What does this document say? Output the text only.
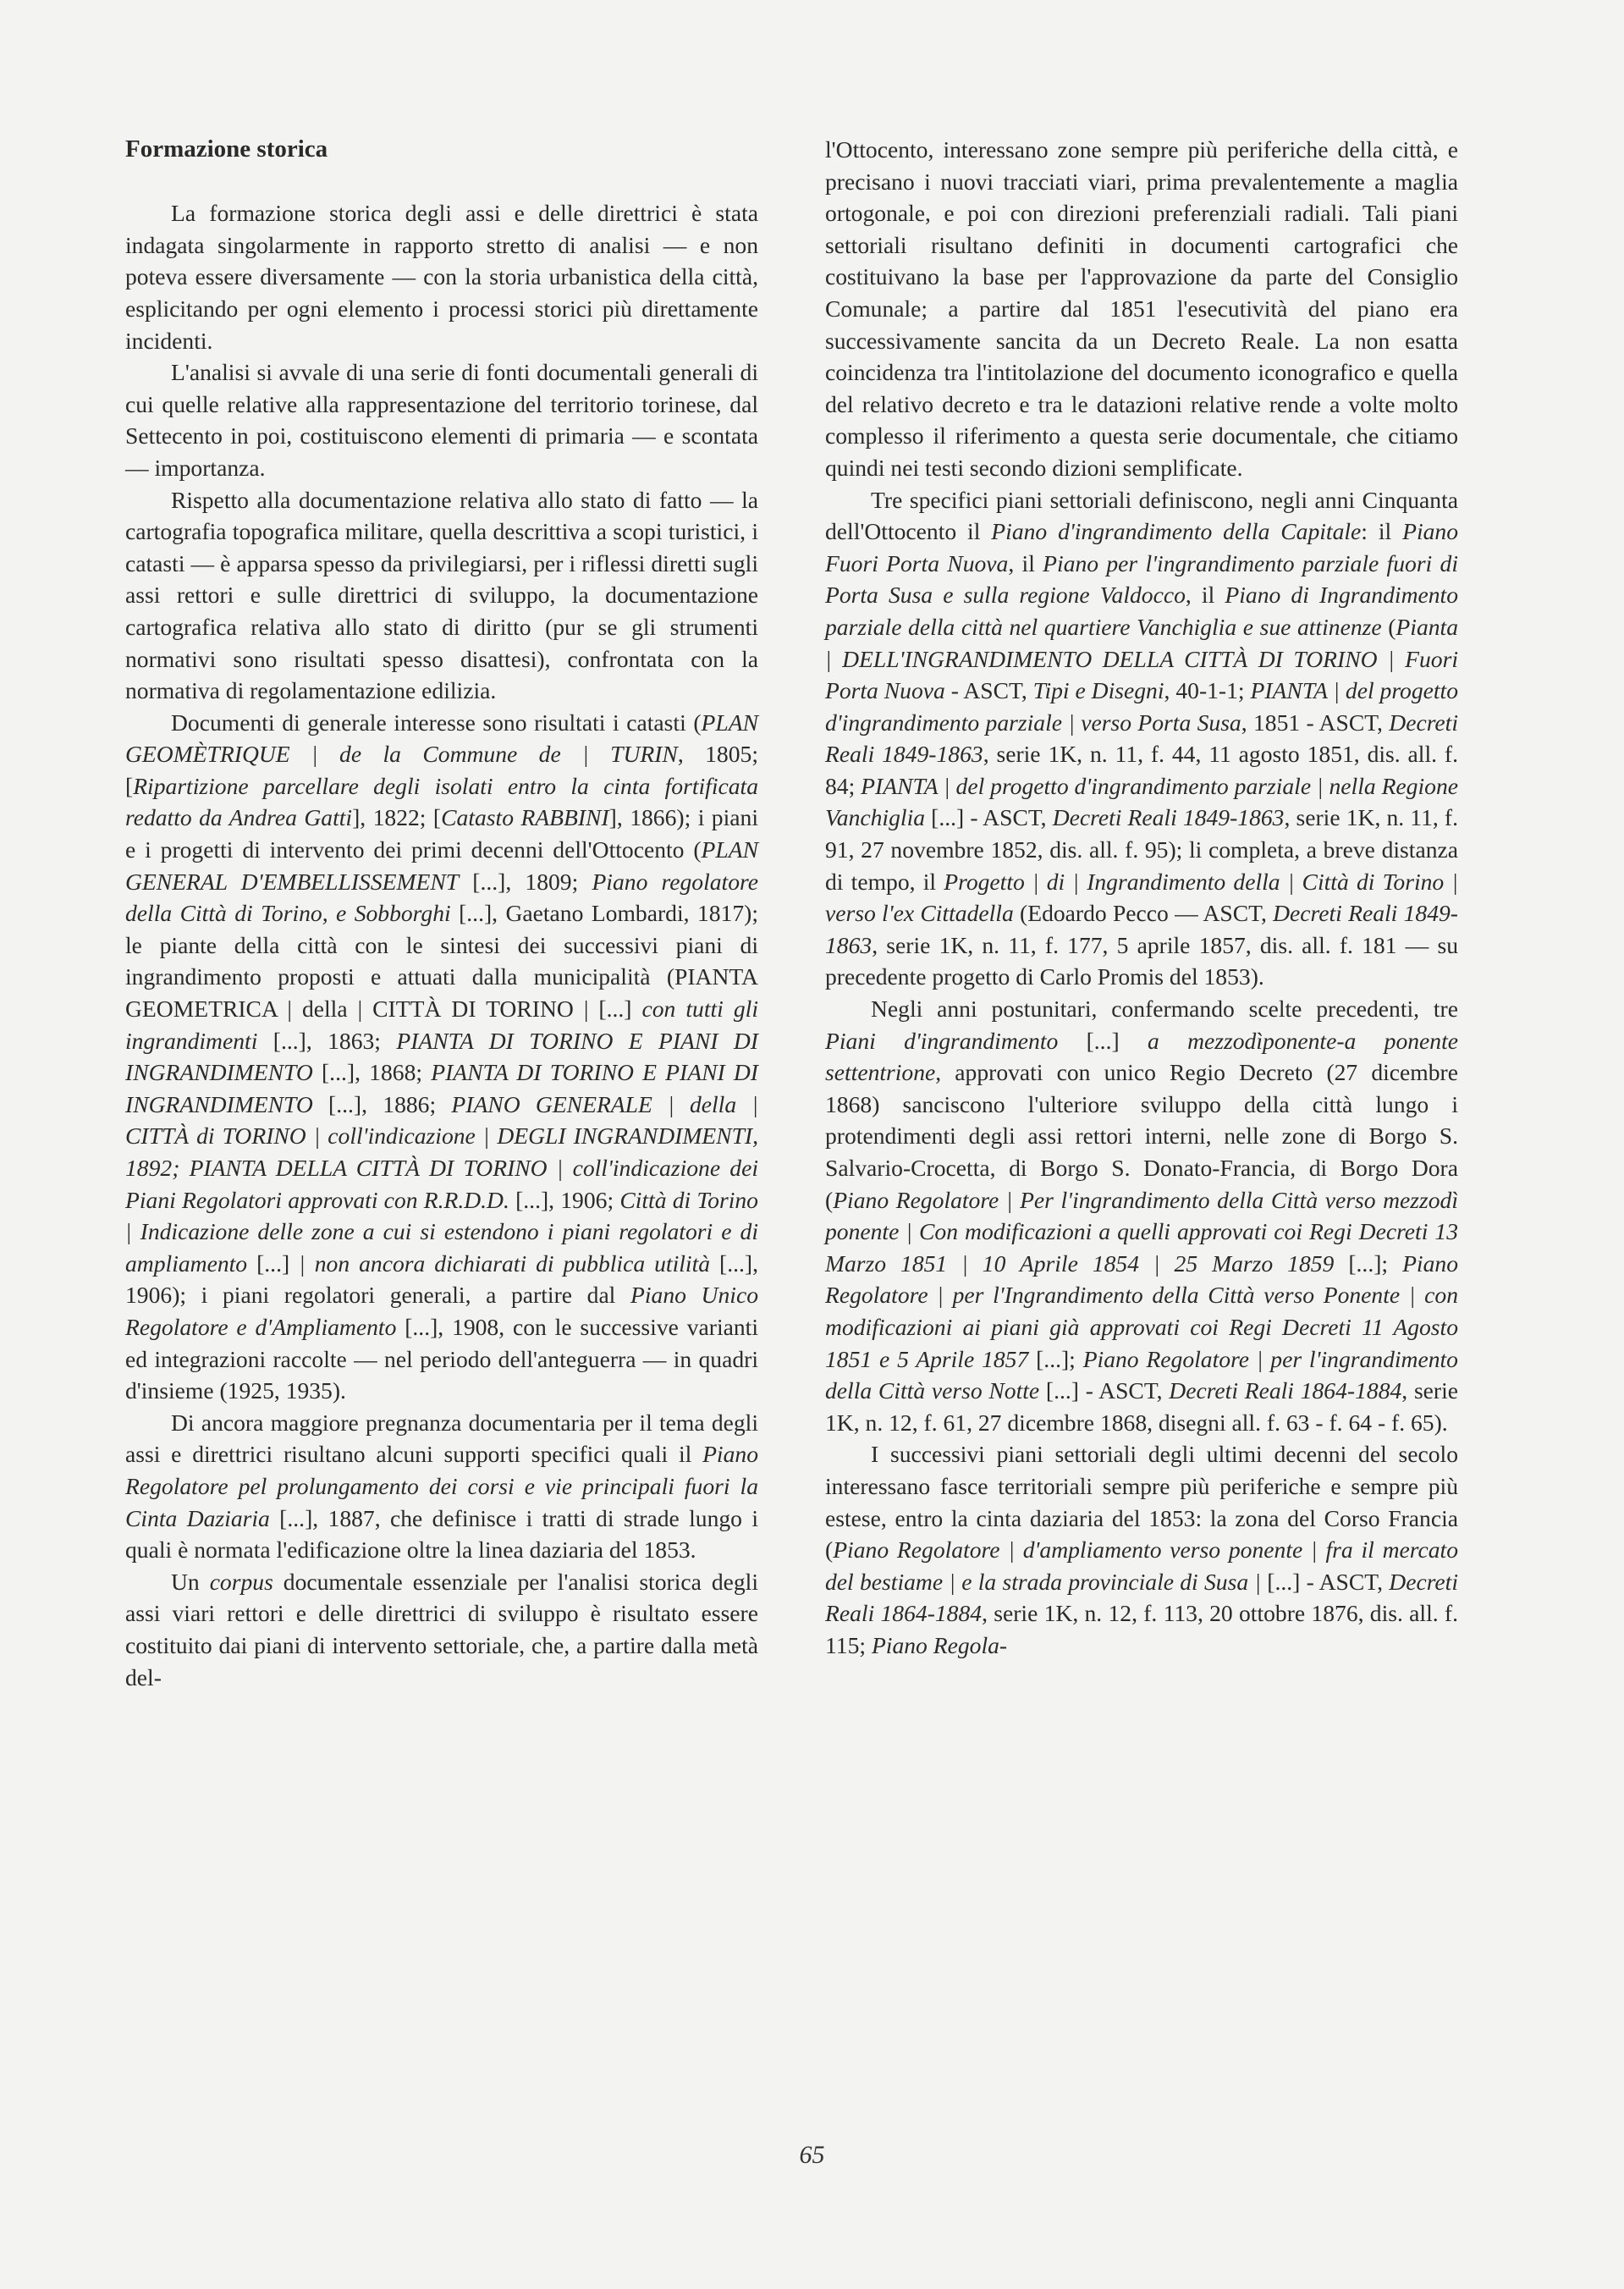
Formazione storica

La formazione storica degli assi e delle direttrici è stata indagata singolarmente in rapporto stretto di analisi — e non poteva essere diversamente — con la storia urbanistica della città, esplicitando per ogni elemento i processi storici più direttamente incidenti.

L'analisi si avvale di una serie di fonti documentali generali di cui quelle relative alla rappresentazione del territorio torinese, dal Settecento in poi, costituiscono elementi di primaria — e scontata — importanza.

Rispetto alla documentazione relativa allo stato di fatto — la cartografia topografica militare, quella descrittiva a scopi turistici, i catasti — è apparsa spesso da privilegiarsi, per i riflessi diretti sugli assi rettori e sulle direttrici di sviluppo, la documentazione cartografica relativa allo stato di diritto (pur se gli strumenti normativi sono risultati spesso disattesi), confrontata con la normativa di regolamentazione edilizia.

Documenti di generale interesse sono risultati i catasti (PLAN GEOMÈTRIQUE | de la Commune de | TURIN, 1805; [Ripartizione parcellare degli isolati entro la cinta fortificata redatto da Andrea Gatti], 1822; [Catasto RABBINI], 1866); i piani e i progetti di intervento dei primi decenni dell'Ottocento (PLAN GENERAL D'EMBELLISSEMENT [...], 1809; Piano regolatore della Città di Torino, e Sobborghi [...], Gaetano Lombardi, 1817); le piante della città con le sintesi dei successivi piani di ingrandimento proposti e attuati dalla municipalità (PIANTA GEOMETRICA | della | CITTÀ DI TORINO | [...] con tutti gli ingrandimenti [...], 1863; PIANTA DI TORINO E PIANI DI INGRANDIMENTO [...], 1868; PIANTA DI TORINO E PIANI DI INGRANDIMENTO [...], 1886; PIANO GENERALE | della | CITTÀ di TORINO | coll'indicazione | DEGLI INGRANDIMENTI, 1892; PIANTA DELLA CITTÀ DI TORINO | coll'indicazione dei Piani Regolatori approvati con R.R.D.D. [...], 1906; Città di Torino | Indicazione delle zone a cui si estendono i piani regolatori e di ampliamento [...] | non ancora dichiarati di pubblica utilità [...], 1906); i piani regolatori generali, a partire dal Piano Unico Regolatore e d'Ampliamento [...], 1908, con le successive varianti ed integrazioni raccolte — nel periodo dell'anteguerra — in quadri d'insieme (1925, 1935).

Di ancora maggiore pregnanza documentaria per il tema degli assi e direttrici risultano alcuni supporti specifici quali il Piano Regolatore pel prolungamento dei corsi e vie principali fuori la Cinta Daziaria [...], 1887, che definisce i tratti di strade lungo i quali è normata l'edificazione oltre la linea daziaria del 1853.

Un corpus documentale essenziale per l'analisi storica degli assi viari rettori e delle direttrici di sviluppo è risultato essere costituito dai piani di intervento settoriale, che, a partire dalla metà del-

l'Ottocento, interessano zone sempre più periferiche della città, e precisano i nuovi tracciati viari, prima prevalentemente a maglia ortogonale, e poi con direzioni preferenziali radiali. Tali piani settoriali risultano definiti in documenti cartografici che costituivano la base per l'approvazione da parte del Consiglio Comunale; a partire dal 1851 l'esecutività del piano era successivamente sancita da un Decreto Reale. La non esatta coincidenza tra l'intitolazione del documento iconografico e quella del relativo decreto e tra le datazioni relative rende a volte molto complesso il riferimento a questa serie documentale, che citiamo quindi nei testi secondo dizioni semplificate.

Tre specifici piani settoriali definiscono, negli anni Cinquanta dell'Ottocento il Piano d'ingrandimento della Capitale: il Piano Fuori Porta Nuova, il Piano per l'ingrandimento parziale fuori di Porta Susa e sulla regione Valdocco, il Piano di Ingrandimento parziale della città nel quartiere Vanchiglia e sue attinenze (Pianta | DELL'INGRANDIMENTO DELLA CITTÀ DI TORINO | Fuori Porta Nuova - ASCT, Tipi e Disegni, 40-1-1; PIANTA | del progetto d'ingrandimento parziale | verso Porta Susa, 1851 - ASCT, Decreti Reali 1849-1863, serie 1K, n. 11, f. 44, 11 agosto 1851, dis. all. f. 84; PIANTA | del progetto d'ingrandimento parziale | nella Regione Vanchiglia [...] - ASCT, Decreti Reali 1849-1863, serie 1K, n. 11, f. 91, 27 novembre 1852, dis. all. f. 95); li completa, a breve distanza di tempo, il Progetto | di | Ingrandimento della | Città di Torino | verso l'ex Cittadella (Edoardo Pecco — ASCT, Decreti Reali 1849-1863, serie 1K, n. 11, f. 177, 5 aprile 1857, dis. all. f. 181 — su precedente progetto di Carlo Promis del 1853).

Negli anni postunitari, confermando scelte precedenti, tre Piani d'ingrandimento [...] a mezzodìponente-a ponente settentrione, approvati con unico Regio Decreto (27 dicembre 1868) sanciscono l'ulteriore sviluppo della città lungo i protendimenti degli assi rettori interni, nelle zone di Borgo S. Salvario-Crocetta, di Borgo S. Donato-Francia, di Borgo Dora (Piano Regolatore | Per l'ingrandimento della Città verso mezzodì ponente | Con modificazioni a quelli approvati coi Regi Decreti 13 Marzo 1851 | 10 Aprile 1854 | 25 Marzo 1859 [...]; Piano Regolatore | per l'Ingrandimento della Città verso Ponente | con modificazioni ai piani già approvati coi Regi Decreti 11 Agosto 1851 e 5 Aprile 1857 [...]; Piano Regolatore | per l'ingrandimento della Città verso Notte [...] - ASCT, Decreti Reali 1864-1884, serie 1K, n. 12, f. 61, 27 dicembre 1868, disegni all. f. 63 - f. 64 - f. 65).

I successivi piani settoriali degli ultimi decenni del secolo interessano fasce territoriali sempre più periferiche e sempre più estese, entro la cinta daziaria del 1853: la zona del Corso Francia (Piano Regolatore | d'ampliamento verso ponente | fra il mercato del bestiame | e la strada provinciale di Susa | [...] - ASCT, Decreti Reali 1864-1884, serie 1K, n. 12, f. 113, 20 ottobre 1876, dis. all. f. 115; Piano Regola-

65
